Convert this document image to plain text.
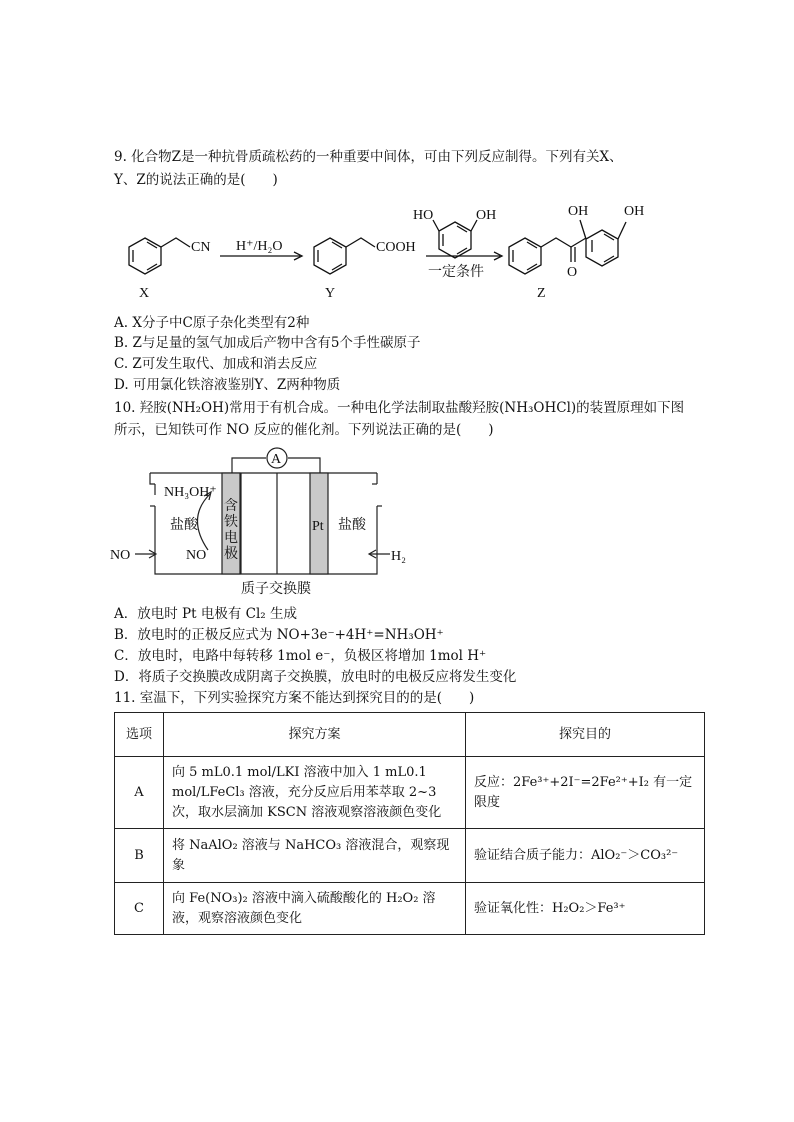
9. 化合物Z是一种抗骨质疏松药的一种重要中间体，可由下列反应制得。下列有关X、
Y、Z的说法正确的是(　　)
CN
X
H⁺/H₂O	COOH
Y
HO	OH
一定条件
OH	OH
O
Z
A. X分子中C原子杂化类型有2种
B. Z与足量的氢气加成后产物中含有5个手性碳原子
C. Z可发生取代、加成和消去反应
D. 可用氯化铁溶液鉴别Y、Z两种物质
10. 羟胺(NH₂OH)常用于有机合成。一种电化学法制取盐酸羟胺(NH₃OHCl)的装置原理如下图
所示，已知铁可作 NO 反应的催化剂。下列说法正确的是(　　)
A
NH₃OH⁺
盐酸	盐酸
含
铁
电
极
Pt
NO	NO	H₂
质子交换膜
A．放电时 Pt 电极有 Cl₂ 生成
B．放电时的正极反应式为 NO+3e⁻+4H⁺=NH₃OH⁺
C．放电时，电路中每转移 1mol e⁻，负极区将增加 1mol H⁺
D．将质子交换膜改成阴离子交换膜，放电时的电极反应将发生变化
11. 室温下，下列实验探究方案不能达到探究目的的是(　　)
选项	探究方案	探究目的
A	向 5 mL0.1 mol/LKI 溶液中加入 1 mL0.1 mol/LFeCl₃ 溶液，充分反应后用苯萃取 2~3 次，取水层滴加 KSCN 溶液观察溶液颜色变化	反应：2Fe³⁺+2I⁻=2Fe²⁺+I₂ 有一定限度
B	将 NaAlO₂ 溶液与 NaHCO₃ 溶液混合，观察现象	验证结合质子能力：AlO₂⁻＞CO₃²⁻
C	向 Fe(NO₃)₂ 溶液中滴入硫酸酸化的 H₂O₂ 溶液，观察溶液颜色变化	验证氧化性：H₂O₂＞Fe³⁺
